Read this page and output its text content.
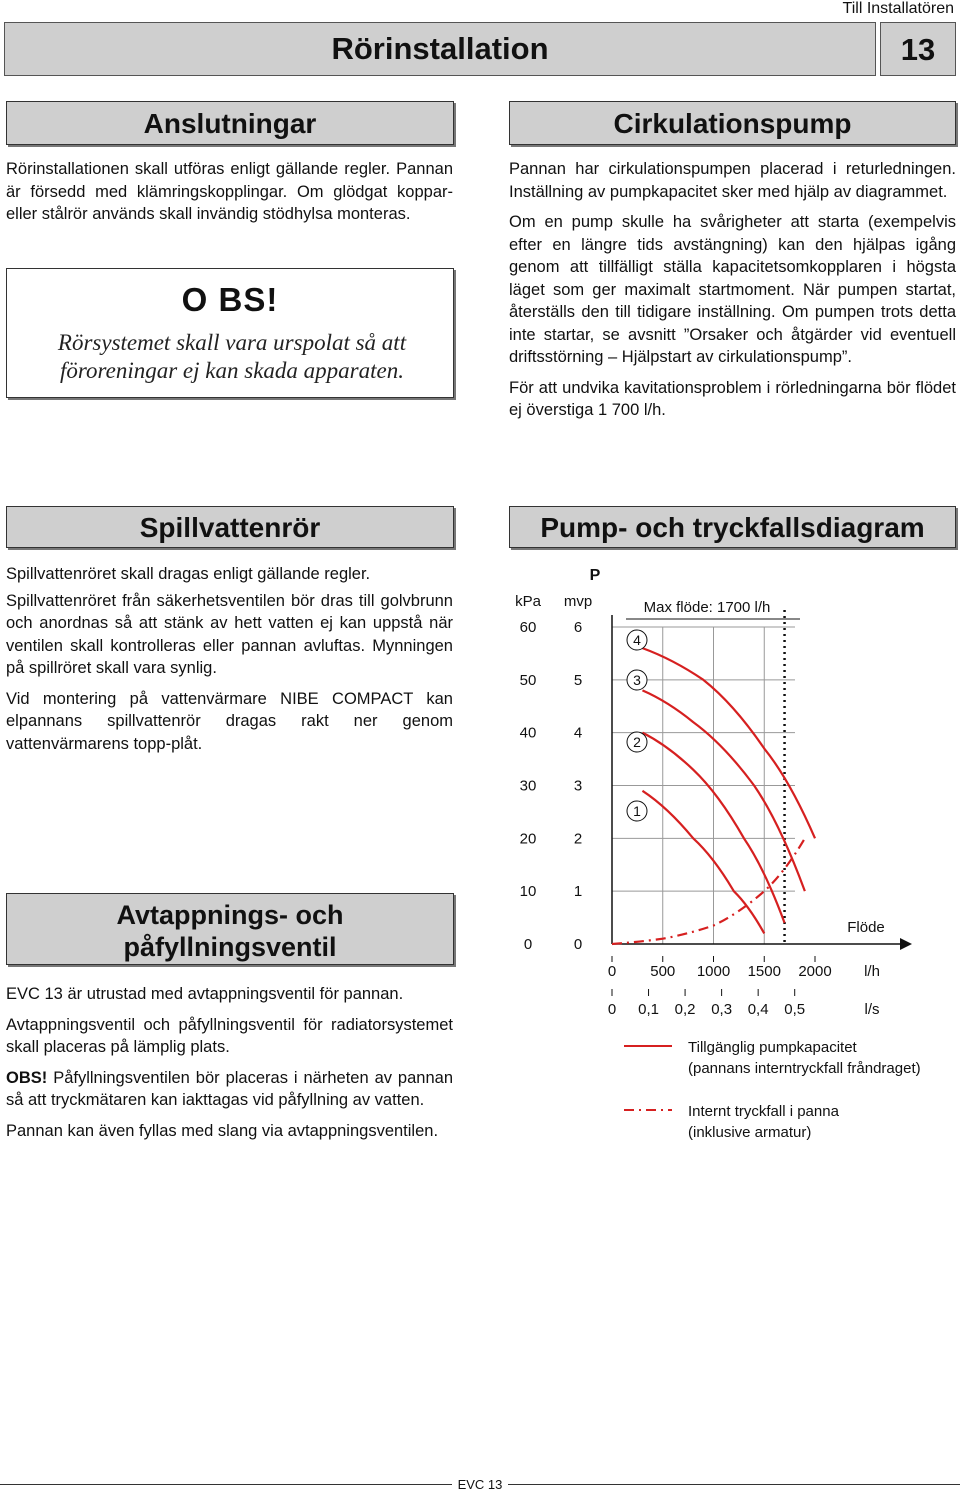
Till Installatören
Rörinstallation	13
Anslutningar

Rörinstallationen skall utföras enligt gällande regler. Pannan är försedd med klämringskopplingar. Om glödgat koppar- eller stålrör används skall invändig stödhylsa monteras.

O BS!
Rörsystemet skall vara urspolat så att föroreningar ej kan skada apparaten.
Cirkulationspump

Pannan har cirkulationspumpen placerad i returledningen. Inställning av pumpkapacitet sker med hjälp av diagrammet.

Om en pump skulle ha svårigheter att starta (exempelvis efter en längre tids avstängning) kan den hjälpas igång genom att tillfälligt ställa kapacitetsomkopplaren i högsta läget som ger maximalt startmoment. När pumpen startat, återställs den till tidigare inställning. Om pumpen trots detta inte startar, se avsnitt ”Orsaker och åtgärder vid eventuell driftsstörning – Hjälpstart av cirkulationspump”.

För att undvika kavitationsproblem i rörledningarna bör flödet ej överstiga 1 700 l/h.

Spillvattenrör

Spillvattenröret skall dragas enligt gällande regler.

Spillvattenröret från säkerhetsventilen bör dras till golvbrunn och anordnas så att stänk av hett vatten ej kan uppstå när ventilen skall kontrolleras eller pannan avluftas. Mynningen på spillröret skall vara synlig.

Vid montering på vattenvärmare NIBE COMPACT kan elpannans spillvattenrör dragas rakt ner genom vattenvärmarens topp-plåt.

Pump- och tryckfallsdiagram
Avtappnings- och
påfyllningsventil

EVC 13 är utrustad med avtappningsventil för pannan.

Avtappningsventil och påfyllningsventil för radiatorsystemet skall placeras på lämplig plats.

OBS! Påfyllningsventilen bör placeras i närheten av pannan så att tryckmätaren kan iakttagas vid påfyllning av vatten.

Pannan kan även fyllas med slang via avtappningsventilen.

Max flöde: 1700 l/h
P
kPa mvp
60
50
40
30
20
10
0
6
5
4
3
2
1
0
0 500 1000 1500 2000 l/h
0 0,1 0,2 0,3 0,4 0,5	l/s
Flöde
1
2
3
4
Tillgänglig pumpkapacitet
(pannans interntryckfall fråndraget)
Internt tryckfall i panna
(inklusive armatur)
EVC 13
